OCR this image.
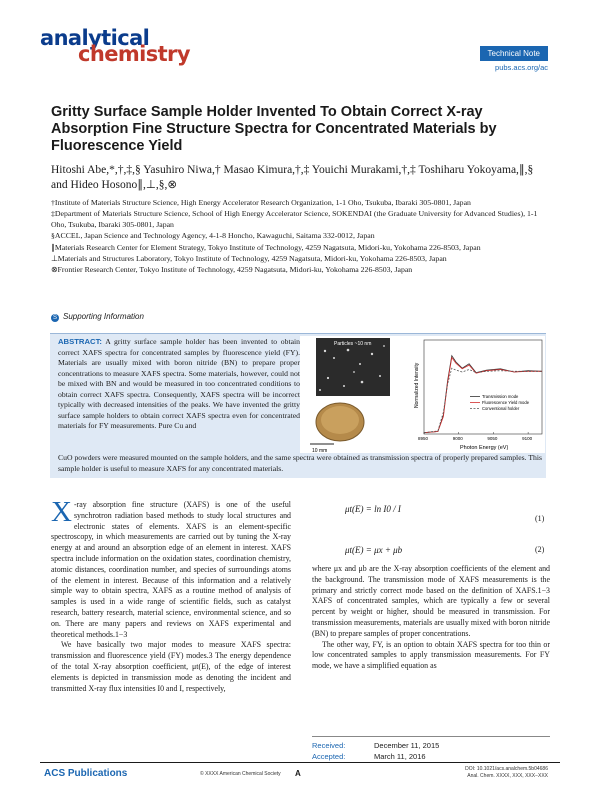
analytical
chemistry	Technical Note
pubs.acs.org/ac
Gritty Surface Sample Holder Invented To Obtain Correct X-ray Absorption Fine Structure Spectra for Concentrated Materials by Fluorescence Yield
Hitoshi Abe,*,†,‡,§ Yasuhiro Niwa,† Masao Kimura,†,‡ Youichi Murakami,†,‡ Toshiharu Yokoyama,∥,§
and Hideo Hosono∥,⊥,§,⊗

†Institute of Materials Structure Science, High Energy Accelerator Research Organization, 1-1 Oho, Tsukuba, Ibaraki 305-0801, Japan

‡Department of Materials Structure Science, School of High Energy Accelerator Science, SOKENDAI (the Graduate University for Advanced Studies), 1-1 Oho, Tsukuba, Ibaraki 305-0801, Japan

§ACCEL, Japan Science and Technology Agency, 4-1-8 Honcho, Kawaguchi, Saitama 332-0012, Japan

∥Materials Research Center for Element Strategy, Tokyo Institute of Technology, 4259 Nagatsuta, Midori-ku, Yokohama 226-8503, Japan

⊥Materials and Structures Laboratory, Tokyo Institute of Technology, 4259 Nagatsuta, Midori-ku, Yokohama 226-8503, Japan

⊗Frontier Research Center, Tokyo Institute of Technology, 4259 Nagatsuta, Midori-ku, Yokohama 226-8503, Japan

S Supporting Information
ABSTRACT: A gritty surface sample holder has been invented to obtain correct XAFS spectra for concentrated samples by fluorescence yield (FY). Materials are usually mixed with boron nitride (BN) to prepare proper concentrations to measure XAFS spectra. Some materials, however, could not be mixed with BN and would be measured in too concentrated conditions to obtain correct XAFS spectra. Consequently, XAFS spectra will be incorrect typically with decreased intensities of the peaks. We have invented the gritty surface sample holders to obtain correct XAFS spectra even for concentrated materials for FY measurements. Pure Cu and
CuO powders were measured mounted on the sample holders, and the same spectra were obtained as transmission spectra of properly prepared samples. This sample holder is useful to measure XAFS for any concentrated materials.
Particles ~10 nm
10 mm
Normalized Intensity
Photon Energy (eV)
8950	9000	9050	9100
Transmission mode
Fluorescence Yield mode
Conventional holder

X -ray absorption fine structure (XAFS) is one of the useful synchrotron radiation based methods to study local structures and electronic states of elements. XAFS is an element-specific spectroscopy, in which measurements are carried out by tuning the X-ray energy at and around an absorption edge of an element in interest. XAFS spectra include information on the oxidation states, coordination chemistry, atomic distances, coordination number, and species of surroundings atoms of the element in interest. Because of this information and a relatively simple way to obtain spectra, XAFS as a routine method of analysis of samples is used in a wide range of scientific fields, such as catalyst research, battery research, material science, environmental science, and so on. There are many papers and reviews on XAFS experimental and theoretical methods.1−3

We have basically two major modes to measure XAFS spectra: transmission and fluorescence yield (FY) modes.3 The energy dependence of the total X-ray absorption coefficient, μt(E), of the edge of interest elements is depicted in transmission mode as denoting the incident and transmitted X-ray flux intensities I0 and I, respectively,

μt(E) = ln I0 / I
(1)
μt(E) = μx + μb	(2)

where μx and μb are the X-ray absorption coefficients of the element and the background. The transmission mode of XAFS measurements is the primary and strictly correct mode based on the definition of XAFS.1−3 XAFS of concentrated samples, which are typically a few or several percent by weight or higher, should be measured in transmission. For transmission measurements, materials are usually mixed with boron nitride (BN) to prepare samples of proper concentrations.

The other way, FY, is an option to obtain XAFS spectra for too thin or low concentrated samples to apply transmission measurements. For FY mode, we have a simplified equation as

Received:	December 11, 2015
Accepted:	March 11, 2016
ACS Publications	© XXXX American Chemical Society A	DOI: 10.1021/acs.analchem.5b04686
Anal. Chem. XXXX, XXX, XXX−XXX
